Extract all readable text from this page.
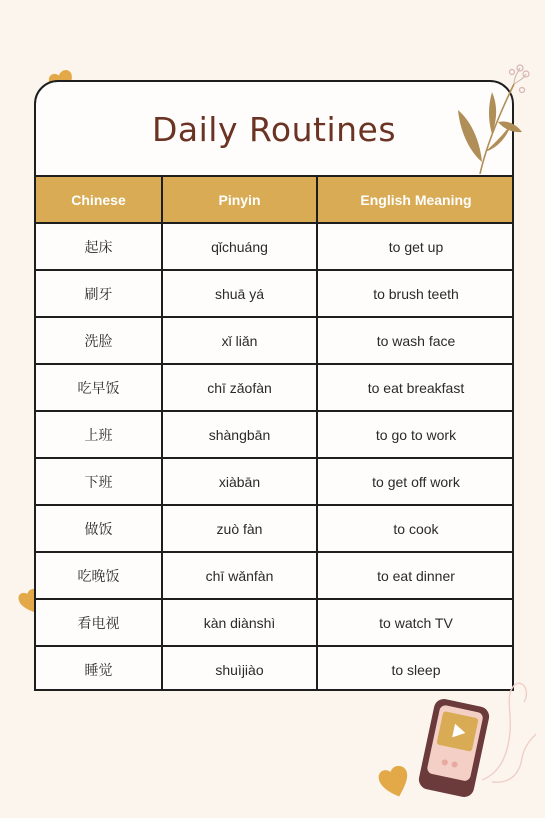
Daily Routines
Chinese	Pinyin	English Meaning
起床	qǐchuáng	to get up
刷牙	shuā yá	to brush teeth
洗脸	xǐ liǎn	to wash face
吃早饭	chī zǎofàn	to eat breakfast
上班	shàngbān	to go to work
下班	xiàbān	to get off work
做饭	zuò fàn	to cook
吃晚饭	chī wǎnfàn	to eat dinner
看电视	kàn diànshì	to watch TV
睡觉	shuìjiào	to sleep
